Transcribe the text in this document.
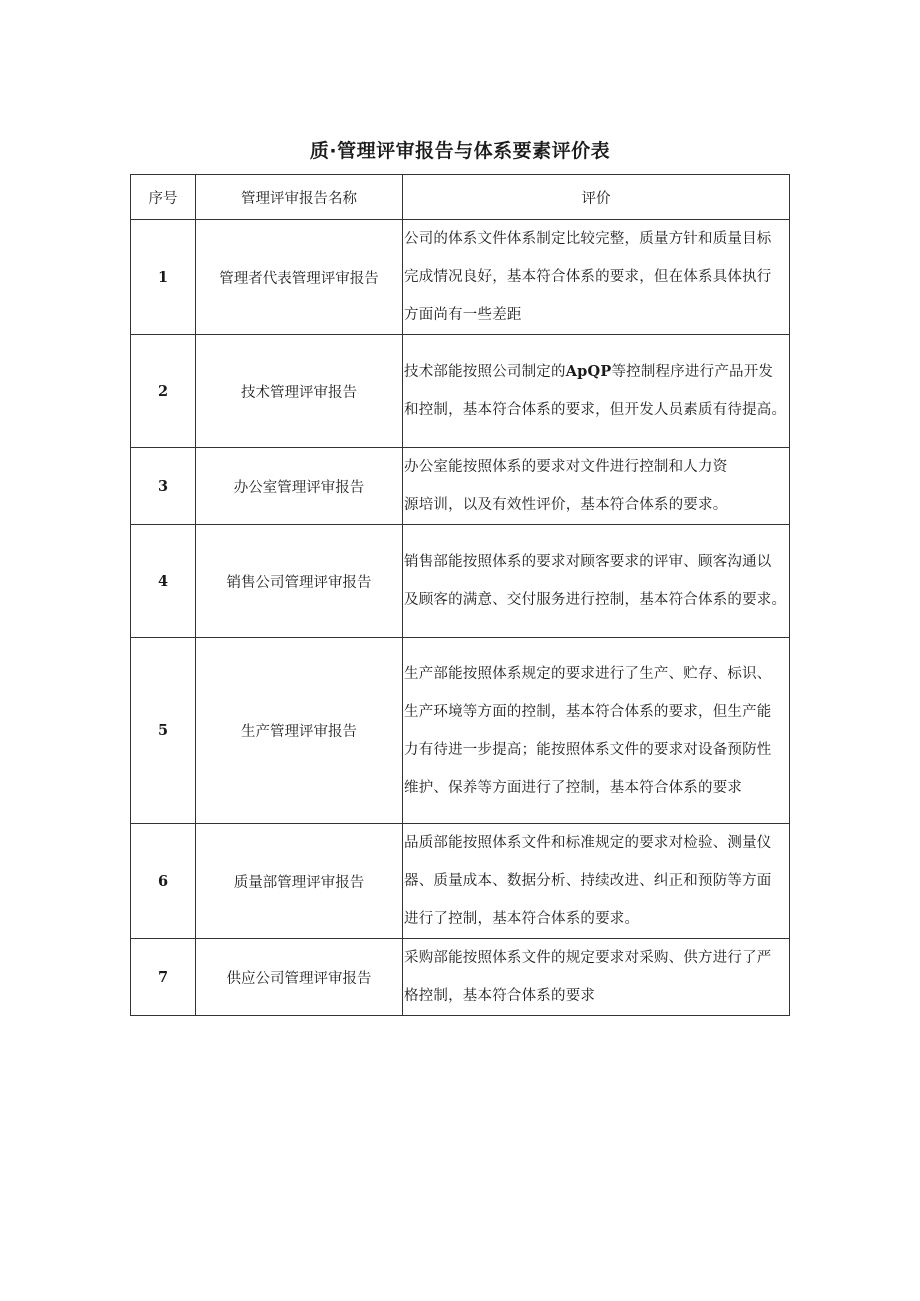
质·管理评审报告与体系要素评价表
序号	管理评审报告名称	评价
1	管理者代表管理评审报告	公司的体系文件体系制定比较完整，质量方针和质量目标
完成情况良好，基本符合体系的要求，但在体系具体执行
方面尚有一些差距

2	技术管理评审报告	技术部能按照公司制定的ApQP等控制程序进行产品开发
和控制，基本符合体系的要求，但开发人员素质有待提高。

3	办公室管理评审报告	办公室能按照体系的要求对文件进行控制和人力资
源培训，以及有效性评价，基本符合体系的要求。

4	销售公司管理评审报告	销售部能按照体系的要求对顾客要求的评审、顾客沟通以
及顾客的满意、交付服务进行控制，基本符合体系的要求。

5	生产管理评审报告	生产部能按照体系规定的要求进行了生产、贮存、标识、
生产环境等方面的控制，基本符合体系的要求，但生产能
力有待进一步提高；能按照体系文件的要求对设备预防性
维护、保养等方面进行了控制，基本符合体系的要求

6	质量部管理评审报告	品质部能按照体系文件和标准规定的要求对检验、测量仪
器、质量成本、数据分析、持续改进、纠正和预防等方面
进行了控制，基本符合体系的要求。

7	供应公司管理评审报告	采购部能按照体系文件的规定要求对采购、供方进行了严
格控制，基本符合体系的要求
